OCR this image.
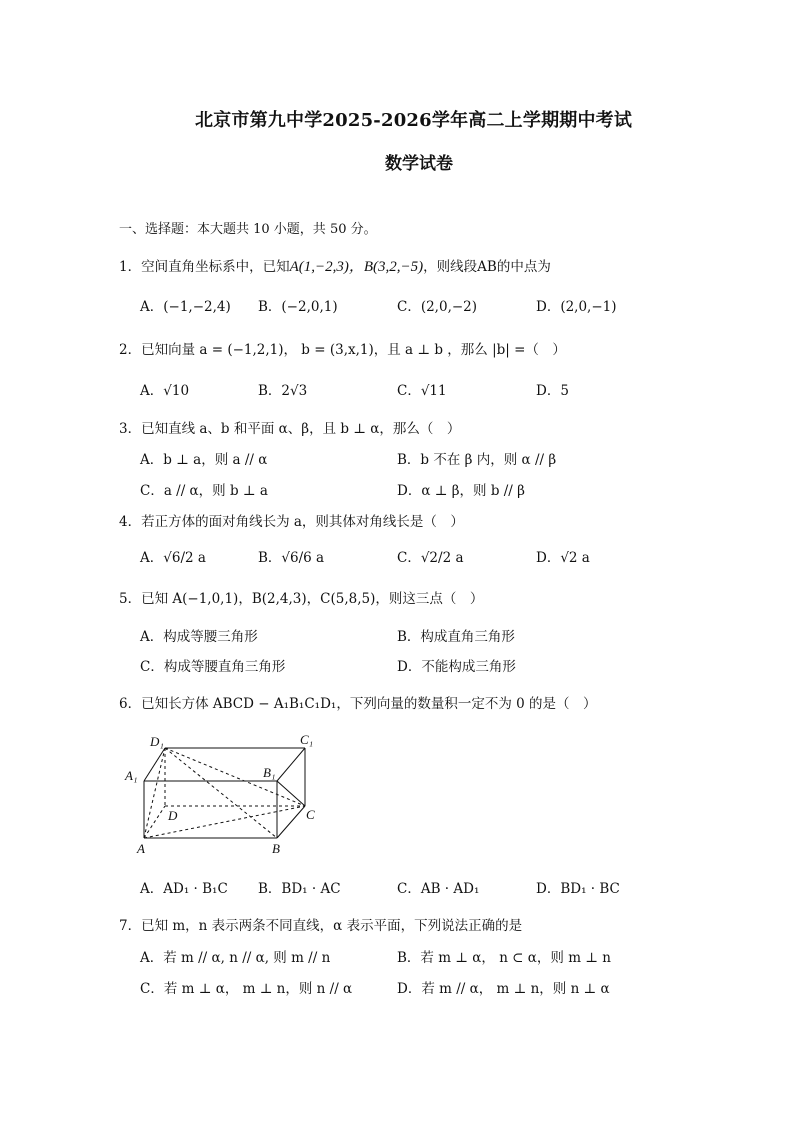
北京市第九中学2025-2026学年高二上学期期中考试
数学试卷
一、选择题：本大题共 10 小题，共 50 分。
1．空间直角坐标系中，已知A(1,−2,3)，B(3,2,−5)，则线段AB的中点为
A．(−1,−2,4) B．(−2,0,1)	C．(2,0,−2)	D．(2,0,−1)
2．已知向量 a = (−1,2,1)， b = (3,x,1)，且 a ⊥ b ，那么 |b| =（　）
A．√10	B．2√3	C．√11	D．5
3．已知直线 a、b 和平面 α、β，且 b ⊥ α，那么（　）
A．b ⊥ a，则 a // α	B．b 不在 β 内，则 α // β
C．a // α，则 b ⊥ a	D．α ⊥ β，则 b // β
4．若正方体的面对角线长为 a，则其体对角线长是（　）
A．√6/2 a	B．√6/6 a	C．√2/2 a	D．√2 a
5．已知 A(−1,0,1)，B(2,4,3)，C(5,8,5)，则这三点（　）
A．构成等腰三角形	B．构成直角三角形
C．构成等腰直角三角形	D．不能构成三角形
6．已知长方体 ABCD − A₁B₁C₁D₁，下列向量的数量积一定不为 0 的是（　）
D₁	C₁
A₁	B₁
D	C
A	B
A．AD₁ · B₁C B．BD₁ · AC	C．AB · AD₁	D．BD₁ · BC
7．已知 m，n 表示两条不同直线，α 表示平面，下列说法正确的是
A．若 m // α, n // α, 则 m // n	B．若 m ⊥ α， n ⊂ α，则 m ⊥ n
C．若 m ⊥ α， m ⊥ n，则 n // α	D．若 m // α， m ⊥ n，则 n ⊥ α
